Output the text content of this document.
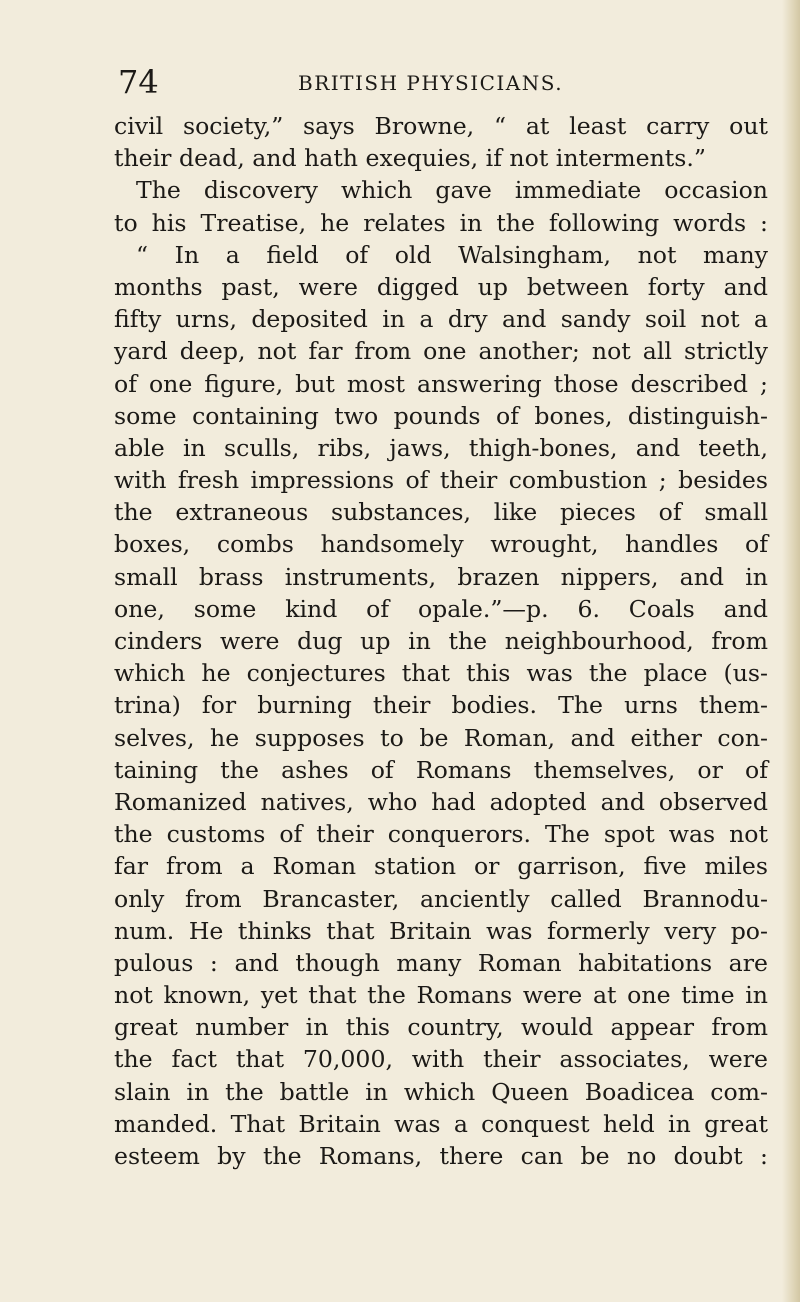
74	BRITISH PHYSICIANS.
civil society,” says Browne, “ at least carry out
their dead, and hath exequies, if not interments.”
The discovery which gave immediate occasion
to his Treatise, he relates in the following words :
“ In a field of old Walsingham, not many
months past, were digged up between forty and
fifty urns, deposited in a dry and sandy soil not a
yard deep, not far from one another; not all strictly
of one figure, but most answering those described ;
some containing two pounds of bones, distinguish-
able in sculls, ribs, jaws, thigh-bones, and teeth,
with fresh impressions of their combustion ; besides
the extraneous substances, like pieces of small
boxes, combs handsomely wrought, handles of
small brass instruments, brazen nippers, and in
one, some kind of opale.”—p. 6. Coals and
cinders were dug up in the neighbourhood, from
which he conjectures that this was the place (us-
trina) for burning their bodies. The urns them-
selves, he supposes to be Roman, and either con-
taining the ashes of Romans themselves, or of
Romanized natives, who had adopted and observed
the customs of their conquerors. The spot was not
far from a Roman station or garrison, five miles
only from Brancaster, anciently called Brannodu-
num. He thinks that Britain was formerly very po-
pulous : and though many Roman habitations are
not known, yet that the Romans were at one time in
great number in this country, would appear from
the fact that 70,000, with their associates, were
slain in the battle in which Queen Boadicea com-
manded. That Britain was a conquest held in great
esteem by the Romans, there can be no doubt :
